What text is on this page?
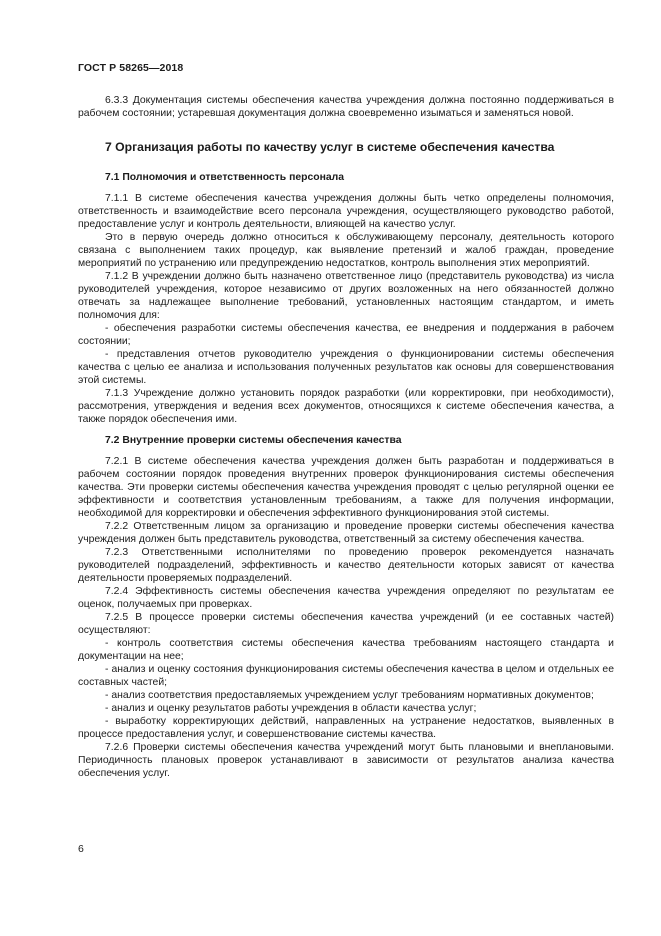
ГОСТ Р 58265—2018

6.3.3 Документация системы обеспечения качества учреждения должна постоянно поддерживаться в рабочем состоянии; устаревшая документация должна своевременно изыматься и заменяться новой.

7 Организация работы по качеству услуг в системе обеспечения качества
7.1 Полномочия и ответственность персонала

7.1.1 В системе обеспечения качества учреждения должны быть четко определены полномочия, ответственность и взаимодействие всего персонала учреждения, осуществляющего руководство работой, предоставление услуг и контроль деятельности, влияющей на качество услуг.

Это в первую очередь должно относиться к обслуживающему персоналу, деятельность которого связана с выполнением таких процедур, как выявление претензий и жалоб граждан, проведение мероприятий по устранению или предупреждению недостатков, контроль выполнения этих мероприятий.

7.1.2 В учреждении должно быть назначено ответственное лицо (представитель руководства) из числа руководителей учреждения, которое независимо от других возложенных на него обязанностей должно отвечать за надлежащее выполнение требований, установленных настоящим стандартом, и иметь полномочия для:

- обеспечения разработки системы обеспечения качества, ее внедрения и поддержания в рабочем состоянии;

- представления отчетов руководителю учреждения о функционировании системы обеспечения качества с целью ее анализа и использования полученных результатов как основы для совершенствования этой системы.

7.1.3 Учреждение должно установить порядок разработки (или корректировки, при необходимости), рассмотрения, утверждения и ведения всех документов, относящихся к системе обеспечения качества, а также порядок обеспечения ими.

7.2 Внутренние проверки системы обеспечения качества

7.2.1 В системе обеспечения качества учреждения должен быть разработан и поддерживаться в рабочем состоянии порядок проведения внутренних проверок функционирования системы обеспечения качества. Эти проверки системы обеспечения качества учреждения проводят с целью регулярной оценки ее эффективности и соответствия установленным требованиям, а также для получения информации, необходимой для корректировки и обеспечения эффективного функционирования этой системы.

7.2.2 Ответственным лицом за организацию и проведение проверки системы обеспечения качества учреждения должен быть представитель руководства, ответственный за систему обеспечения качества.

7.2.3 Ответственными исполнителями по проведению проверок рекомендуется назначать руководителей подразделений, эффективность и качество деятельности которых зависят от качества деятельности проверяемых подразделений.

7.2.4 Эффективность системы обеспечения качества учреждения определяют по результатам ее оценок, получаемых при проверках.

7.2.5 В процессе проверки системы обеспечения качества учреждений (и ее составных частей) осуществляют:

- контроль соответствия системы обеспечения качества требованиям настоящего стандарта и документации на нее;

- анализ и оценку состояния функционирования системы обеспечения качества в целом и отдельных ее составных частей;

- анализ соответствия предоставляемых учреждением услуг требованиям нормативных документов;

- анализ и оценку результатов работы учреждения в области качества услуг;

- выработку корректирующих действий, направленных на устранение недостатков, выявленных в процессе предоставления услуг, и совершенствование системы качества.

7.2.6 Проверки системы обеспечения качества учреждений могут быть плановыми и внеплановыми. Периодичность плановых проверок устанавливают в зависимости от результатов анализа качества обеспечения услуг.

6
